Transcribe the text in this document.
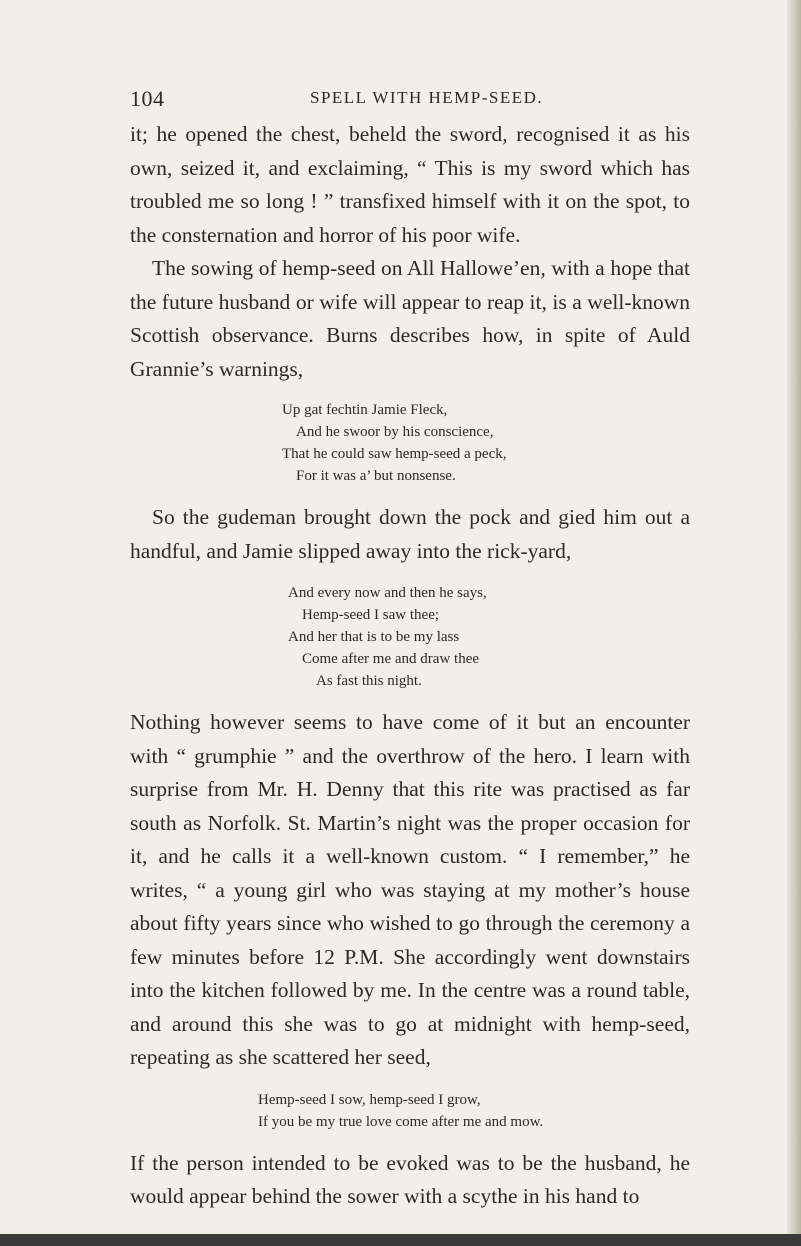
104	SPELL WITH HEMP-SEED.

it; he opened the chest, beheld the sword, recognised it as his own, seized it, and exclaiming, “ This is my sword which has troubled me so long ! ” transfixed himself with it on the spot, to the consternation and horror of his poor wife.

The sowing of hemp-seed on All Hallowe’en, with a hope that the future husband or wife will appear to reap it, is a well-known Scottish observance. Burns describes how, in spite of Auld Grannie’s warnings,

Up gat fechtin Jamie Fleck,
And he swoor by his conscience,
That he could saw hemp-seed a peck,
For it was a’ but nonsense.

So the gudeman brought down the pock and gied him out a handful, and Jamie slipped away into the rick-yard,

And every now and then he says,
Hemp-seed I saw thee;
And her that is to be my lass
Come after me and draw thee
As fast this night.

Nothing however seems to have come of it but an encounter with “ grumphie ” and the overthrow of the hero. I learn with surprise from Mr. H. Denny that this rite was practised as far south as Norfolk. St. Martin’s night was the proper occasion for it, and he calls it a well-known custom. “ I remember,” he writes, “ a young girl who was staying at my mother’s house about fifty years since who wished to go through the ceremony a few minutes before 12 P.M. She accordingly went downstairs into the kitchen followed by me. In the centre was a round table, and around this she was to go at midnight with hemp-seed, repeating as she scattered her seed,

Hemp-seed I sow, hemp-seed I grow,
If you be my true love come after me and mow.

If the person intended to be evoked was to be the husband, he would appear behind the sower with a scythe in his hand to
